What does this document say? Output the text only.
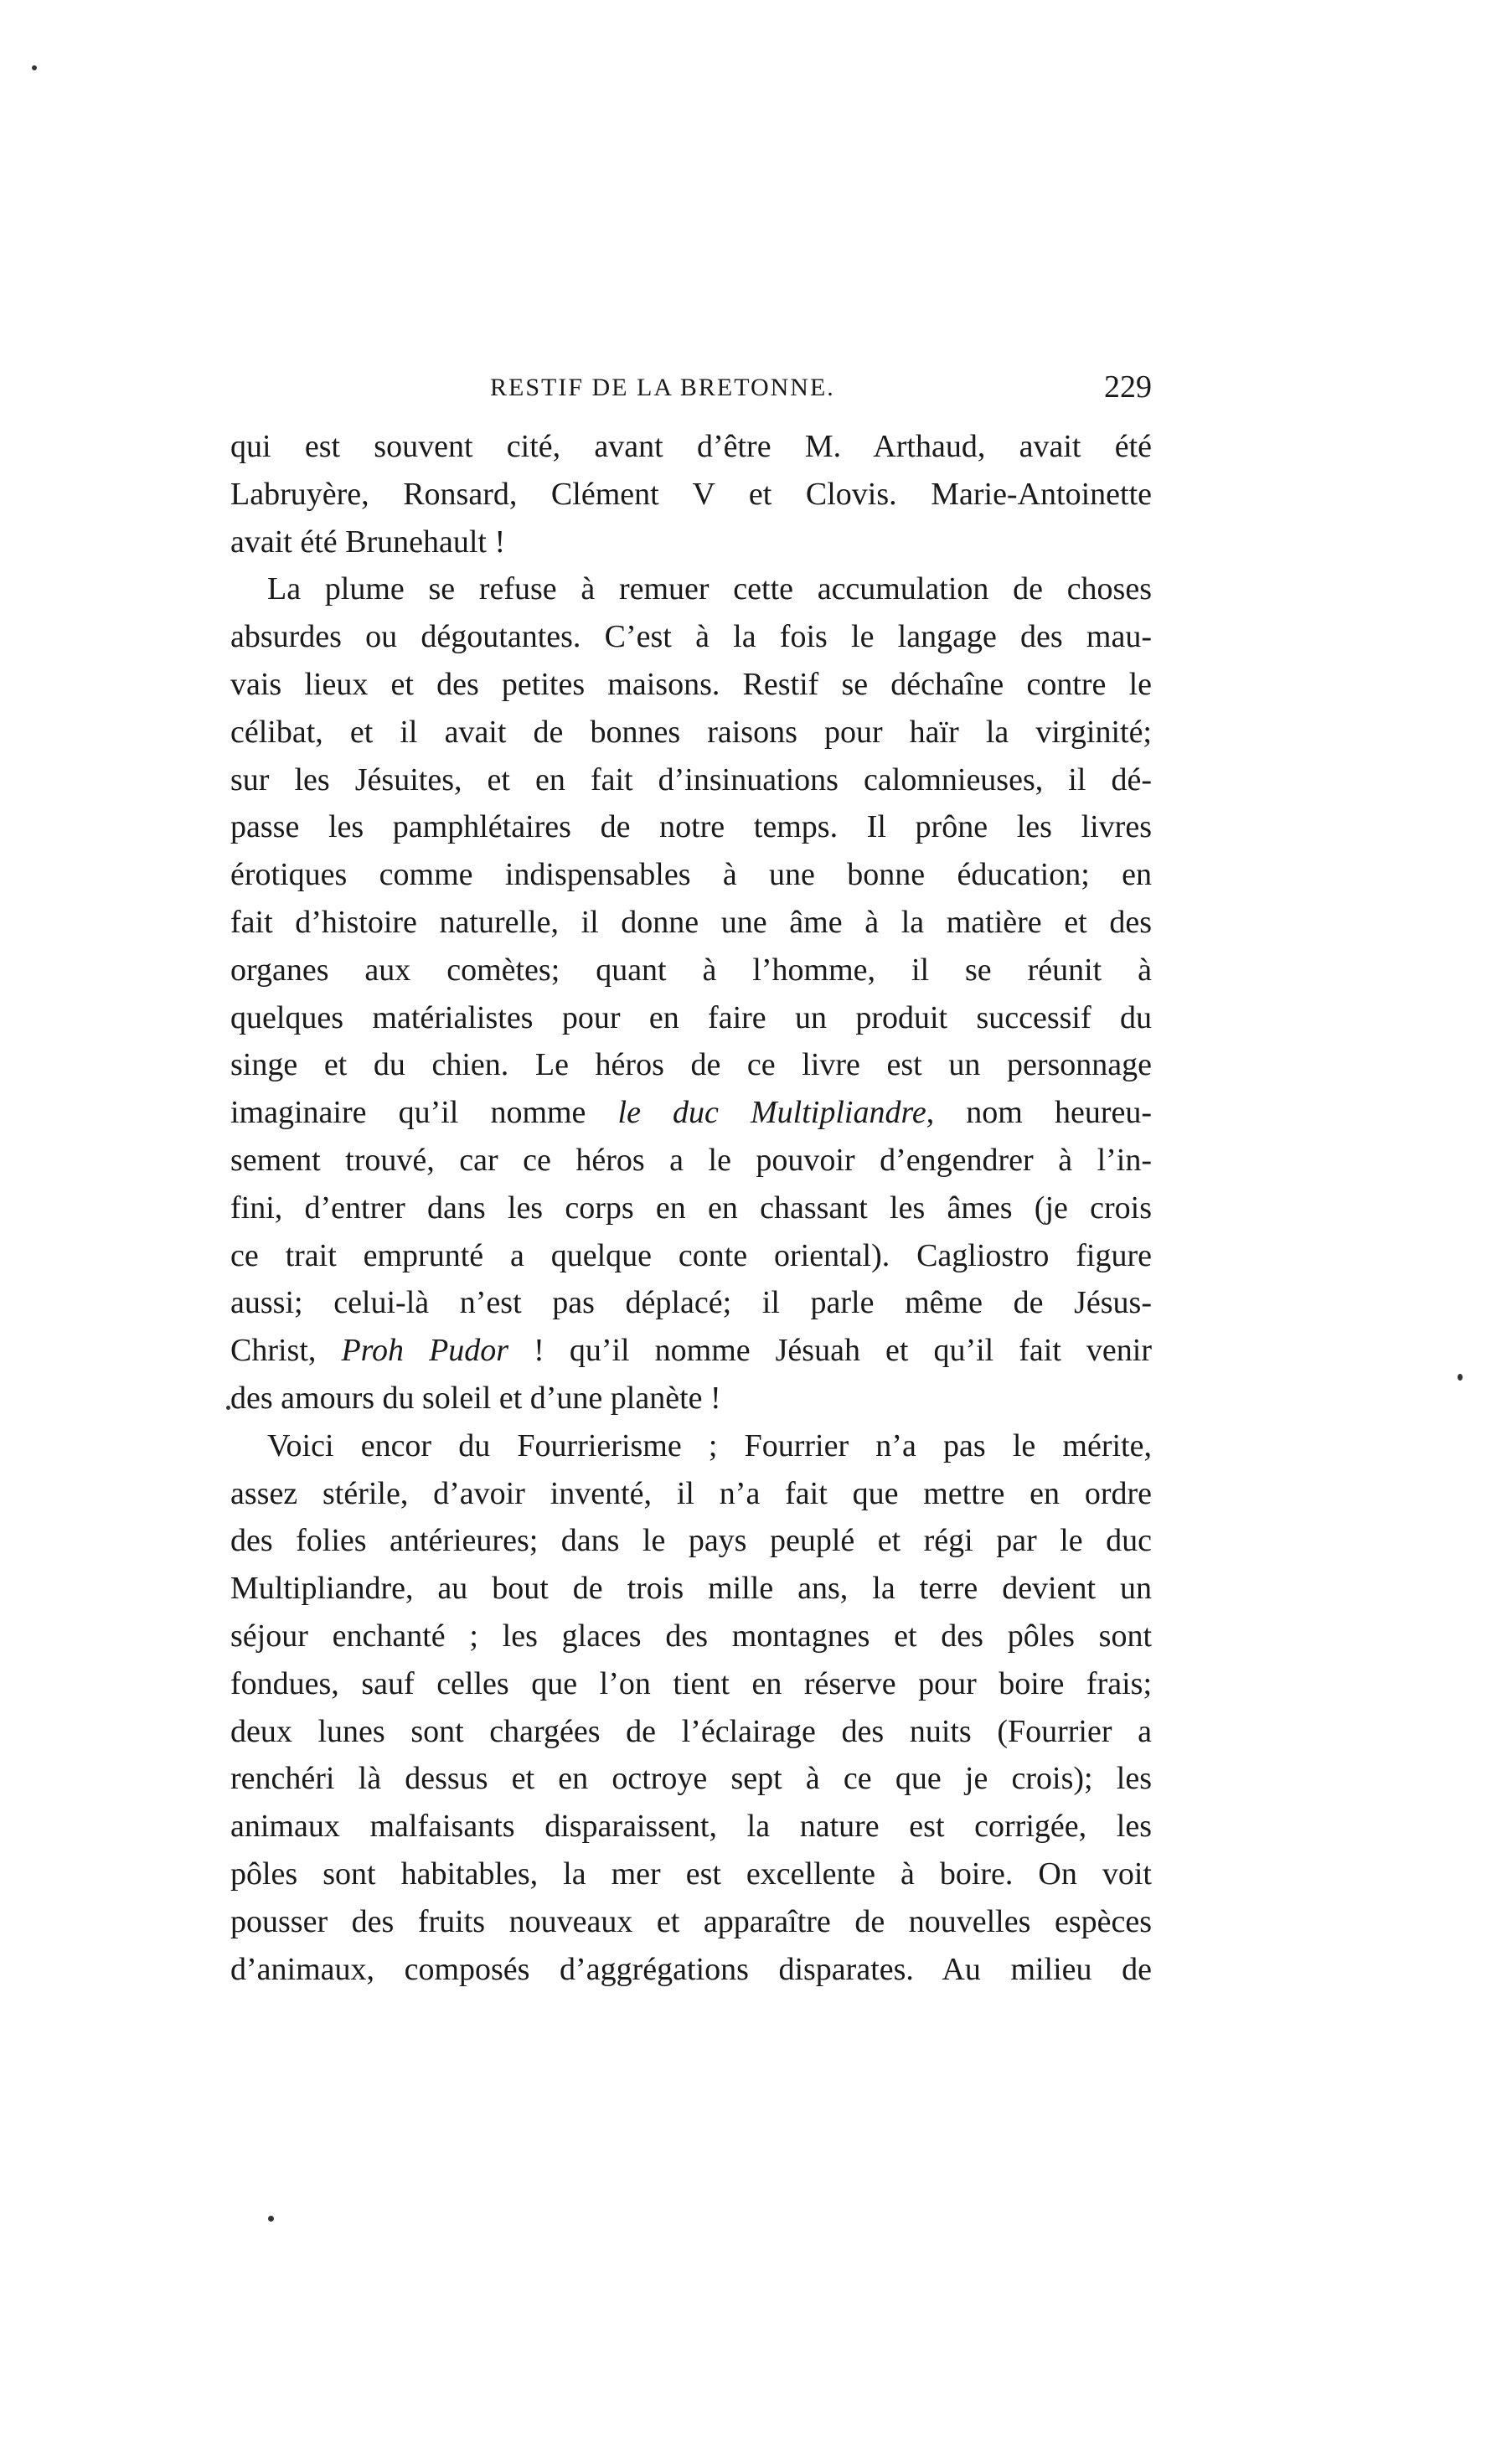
RESTIF DE LA BRETONNE.	229
qui est souvent cité, avant d’être M. Arthaud, avait été
Labruyère, Ronsard, Clément V et Clovis. Marie-Antoinette
avait été Brunehault !
La plume se refuse à remuer cette accumulation de choses
absurdes ou dégoutantes. C’est à la fois le langage des mau-
vais lieux et des petites maisons. Restif se déchaîne contre le
célibat, et il avait de bonnes raisons pour haïr la virginité;
sur les Jésuites, et en fait d’insinuations calomnieuses, il dé-
passe les pamphlétaires de notre temps. Il prône les livres
érotiques comme indispensables à une bonne éducation; en
fait d’histoire naturelle, il donne une âme à la matière et des
organes aux comètes; quant à l’homme, il se réunit à
quelques matérialistes pour en faire un produit successif du
singe et du chien. Le héros de ce livre est un personnage
imaginaire qu’il nomme le duc Multipliandre, nom heureu-
sement trouvé, car ce héros a le pouvoir d’engendrer à l’in-
fini, d’entrer dans les corps en en chassant les âmes (je crois
ce trait emprunté a quelque conte oriental). Cagliostro figure
aussi; celui-là n’est pas déplacé; il parle même de Jésus-
Christ, Proh Pudor ! qu’il nomme Jésuah et qu’il fait venir
des amours du soleil et d’une planète !
Voici encor du Fourrierisme ; Fourrier n’a pas le mérite,
assez stérile, d’avoir inventé, il n’a fait que mettre en ordre
des folies antérieures; dans le pays peuplé et régi par le duc
Multipliandre, au bout de trois mille ans, la terre devient un
séjour enchanté ; les glaces des montagnes et des pôles sont
fondues, sauf celles que l’on tient en réserve pour boire frais;
deux lunes sont chargées de l’éclairage des nuits (Fourrier a
renchéri là dessus et en octroye sept à ce que je crois); les
animaux malfaisants disparaissent, la nature est corrigée, les
pôles sont habitables, la mer est excellente à boire. On voit
pousser des fruits nouveaux et apparaître de nouvelles espèces
d’animaux, composés d’aggrégations disparates. Au milieu de
